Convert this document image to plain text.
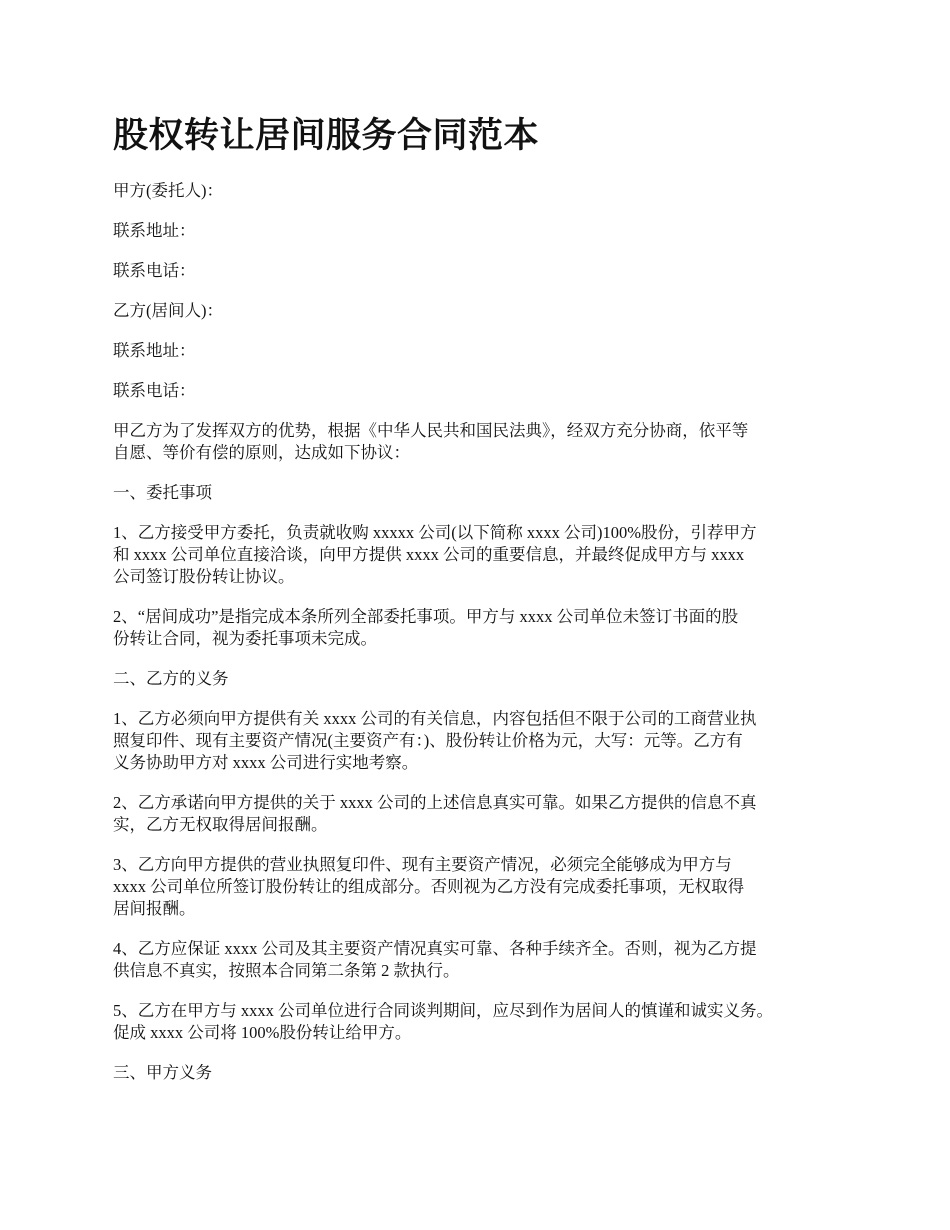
股权转让居间服务合同范本

甲方(委托人)：

联系地址：

联系电话：

乙方(居间人)：

联系地址：

联系电话：

甲乙方为了发挥双方的优势，根据《中华人民共和国民法典》，经双方充分协商，依平等
自愿、等价有偿的原则，达成如下协议：

一、委托事项

1、乙方接受甲方委托，负责就收购 xxxxx 公司(以下简称 xxxx 公司)100%股份，引荐甲方
和 xxxx 公司单位直接洽谈，向甲方提供 xxxx 公司的重要信息，并最终促成甲方与 xxxx
公司签订股份转让协议。

2、“居间成功”是指完成本条所列全部委托事项。甲方与 xxxx 公司单位未签订书面的股
份转让合同，视为委托事项未完成。

二、乙方的义务

1、乙方必须向甲方提供有关 xxxx 公司的有关信息，内容包括但不限于公司的工商营业执
照复印件、现有主要资产情况(主要资产有：)、股份转让价格为元，大写：元等。乙方有
义务协助甲方对 xxxx 公司进行实地考察。

2、乙方承诺向甲方提供的关于 xxxx 公司的上述信息真实可靠。如果乙方提供的信息不真
实，乙方无权取得居间报酬。

3、乙方向甲方提供的营业执照复印件、现有主要资产情况，必须完全能够成为甲方与
xxxx 公司单位所签订股份转让的组成部分。否则视为乙方没有完成委托事项，无权取得
居间报酬。

4、乙方应保证 xxxx 公司及其主要资产情况真实可靠、各种手续齐全。否则，视为乙方提
供信息不真实，按照本合同第二条第 2 款执行。

5、乙方在甲方与 xxxx 公司单位进行合同谈判期间，应尽到作为居间人的慎谨和诚实义务。
促成 xxxx 公司将 100%股份转让给甲方。

三、甲方义务
